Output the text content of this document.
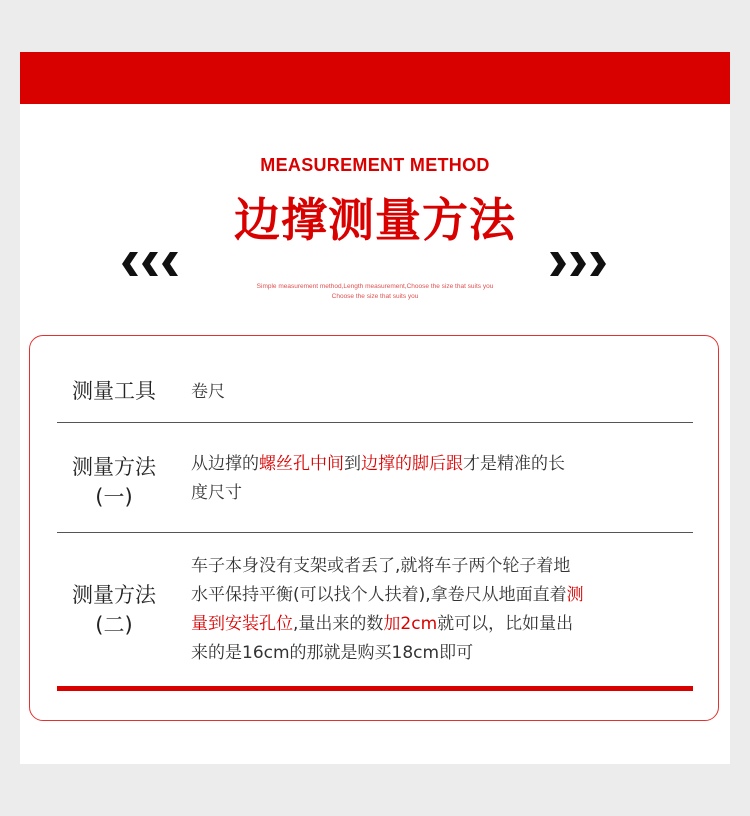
MEASUREMENT METHOD
边撑测量方法
Simple measurement method,Length measurement,Choose the size that suits you
Choose the size that suits you
测量工具	卷尺
测量方法
(一)
从边撑的螺丝孔中间到边撑的脚后跟才是精准的长
度尺寸
测量方法
(二)
车子本身没有支架或者丢了,就将车子两个轮子着地
水平保持平衡(可以找个人扶着),拿卷尺从地面直着测
量到安装孔位,量出来的数加2cm就可以，比如量出
来的是16cm的那就是购买18cm即可
